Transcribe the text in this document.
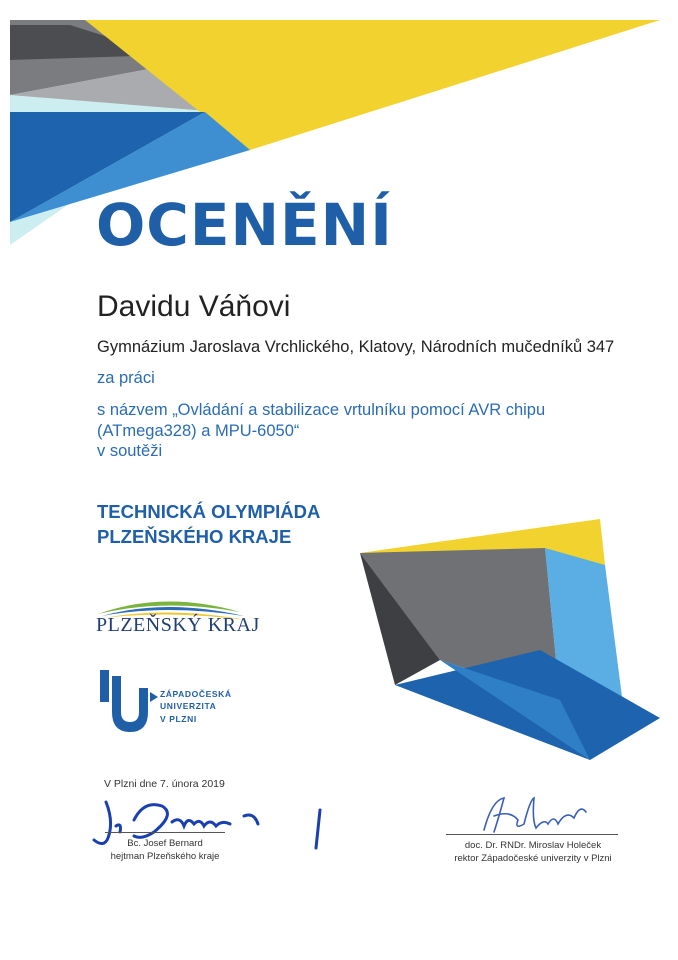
OCENĚNÍ
Davidu Váňovi
Gymnázium Jaroslava Vrchlického, Klatovy, Národních mučedníků 347
za práci
s názvem „Ovládání a stabilizace vrtulníku pomocí AVR chipu
(ATmega328) a MPU-6050“
v soutěži
TECHNICKÁ OLYMPIÁDA
PLZEŇSKÉHO KRAJE
PLZEŇSKÝ KRAJ
ZÁPADOČESKÁ
UNIVERZITA
V PLZNI
V Plzni dne 7. února 2019
Bc. Josef Bernard
hejtman Plzeňského kraje
doc. Dr. RNDr. Miroslav Holeček
rektor Západočeské univerzity v Plzni
